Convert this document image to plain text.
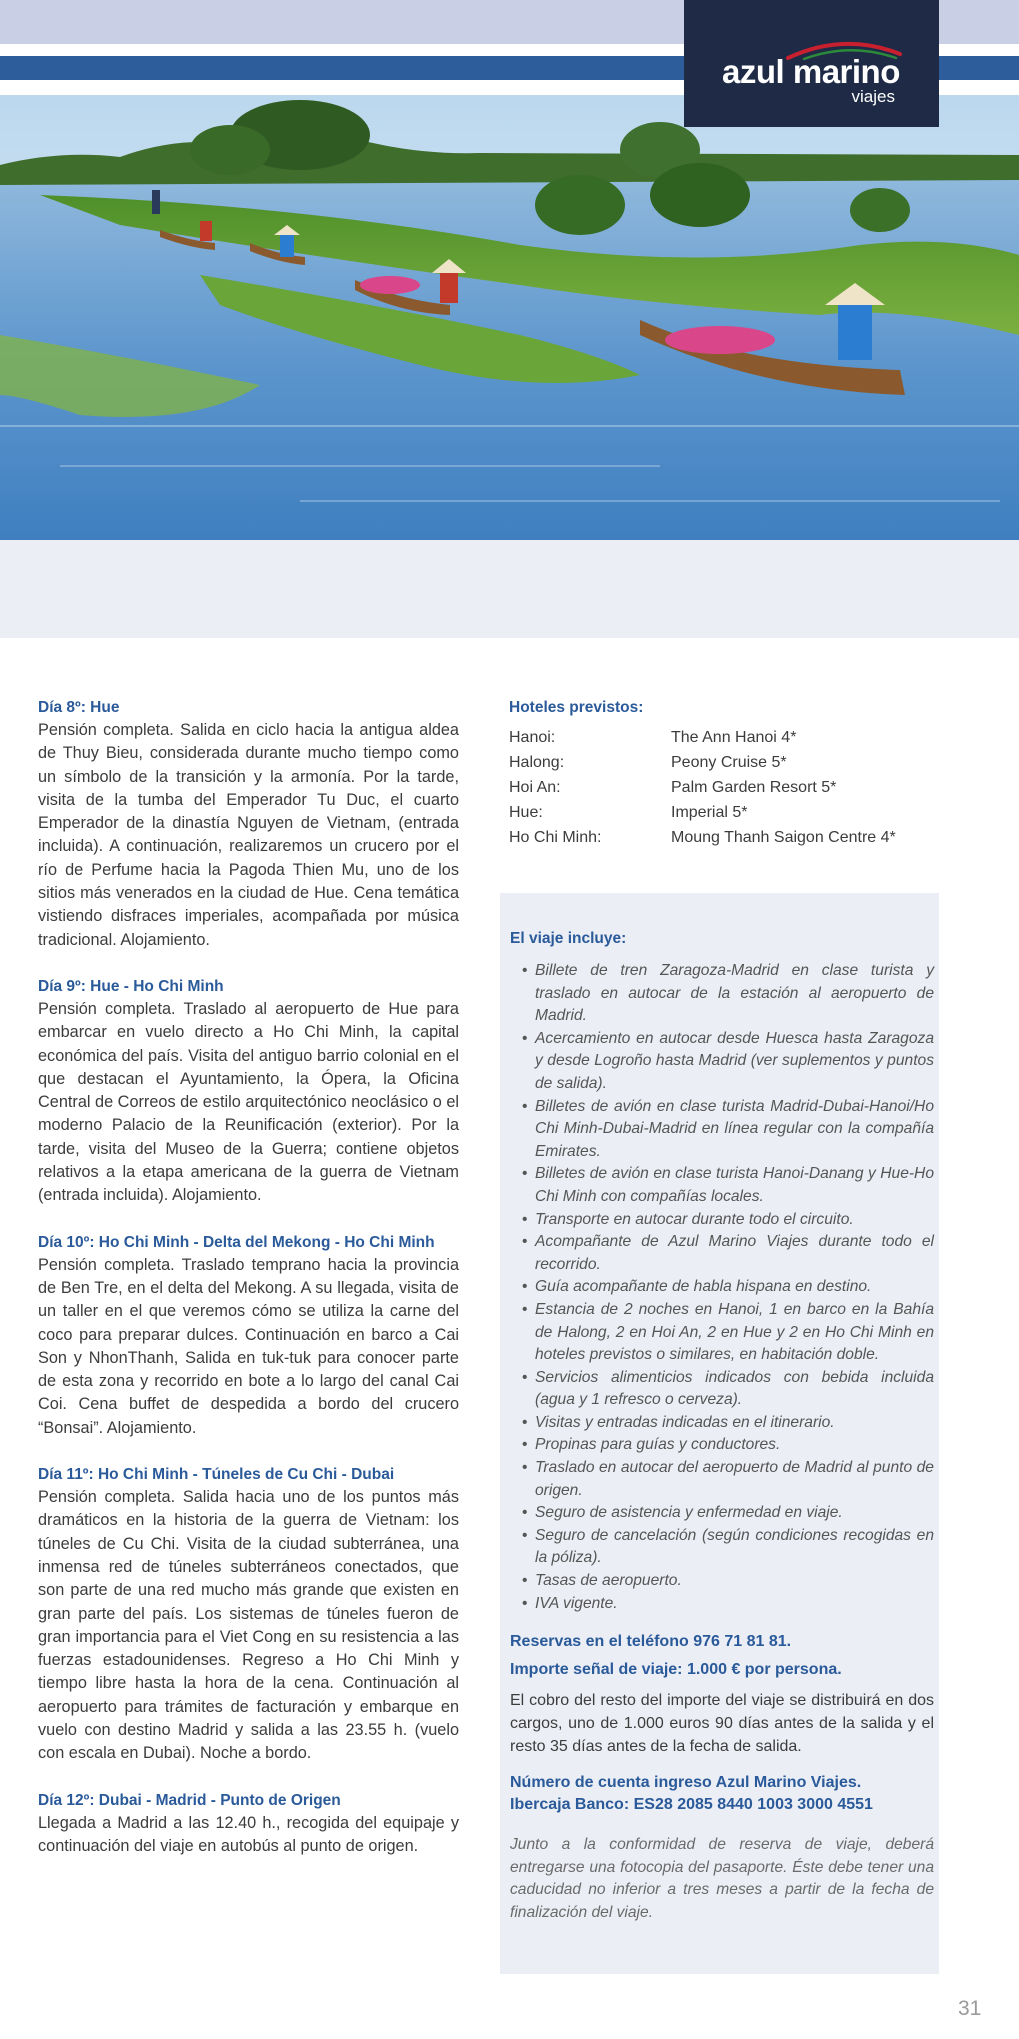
azul marino
viajes
Día 8º: Hue

Pensión completa. Salida en ciclo hacia la antigua aldea de Thuy Bieu, considerada durante mucho tiempo como un símbolo de la transición y la armonía. Por la tarde, visita de la tumba del Emperador Tu Duc, el cuarto Emperador de la dinastía Nguyen de Vietnam, (entrada incluida). A continuación, realizaremos un crucero por el río de Perfume hacia la Pagoda Thien Mu, uno de los sitios más venerados en la ciudad de Hue. Cena temática vistiendo disfraces imperiales, acompañada por música tradicional. Alojamiento.

Día 9º: Hue - Ho Chi Minh

Pensión completa. Traslado al aeropuerto de Hue para embarcar en vuelo directo a Ho Chi Minh, la capital económica del país. Visita del antiguo barrio colonial en el que destacan el Ayuntamiento, la Ópera, la Oficina Central de Correos de estilo arquitectónico neoclásico o el moderno Palacio de la Reunificación (exterior). Por la tarde, visita del Museo de la Guerra; contiene objetos relativos a la etapa americana de la guerra de Vietnam (entrada incluida). Alojamiento.

Día 10º: Ho Chi Minh - Delta del Mekong - Ho Chi Minh

Pensión completa. Traslado temprano hacia la provincia de Ben Tre, en el delta del Mekong. A su llegada, visita de un taller en el que veremos cómo se utiliza la carne del coco para preparar dulces. Continuación en barco a Cai Son y NhonThanh, Salida en tuk-tuk para conocer parte de esta zona y recorrido en bote a lo largo del canal Cai Coi. Cena buffet de despedida a bordo del crucero “Bonsai”. Alojamiento.

Día 11º: Ho Chi Minh - Túneles de Cu Chi - Dubai

Pensión completa. Salida hacia uno de los puntos más dramáticos en la historia de la guerra de Vietnam: los túneles de Cu Chi. Visita de la ciudad subterránea, una inmensa red de túneles subterráneos conectados, que son parte de una red mucho más grande que existen en gran parte del país. Los sistemas de túneles fueron de gran importancia para el Viet Cong en su resistencia a las fuerzas estadounidenses. Regreso a Ho Chi Minh y tiempo libre hasta la hora de la cena. Continuación al aeropuerto para trámites de facturación y embarque en vuelo con destino Madrid y salida a las 23.55 h. (vuelo con escala en Dubai). Noche a bordo.

Día 12º: Dubai - Madrid - Punto de Origen

Llegada a Madrid a las 12.40 h., recogida del equipaje y continuación del viaje en autobús al punto de origen.

Hoteles previstos:
Hanoi:	The Ann Hanoi 4*
Halong:	Peony Cruise 5*
Hoi An:	Palm Garden Resort 5*
Hue:	Imperial 5*
Ho Chi Minh:	Moung Thanh Saigon Centre 4*
El viaje incluye:
• Billete de tren Zaragoza-Madrid en clase turista y traslado en autocar de la estación al aeropuerto de Madrid.
• Acercamiento en autocar desde Huesca hasta Zaragoza y desde Logroño hasta Madrid (ver suplementos y puntos de salida).
• Billetes de avión en clase turista Madrid-Dubai-Hanoi/Ho Chi Minh-Dubai-Madrid en línea regular con la compañía Emirates.
• Billetes de avión en clase turista Hanoi-Danang y Hue-Ho Chi Minh con compañías locales.
• Transporte en autocar durante todo el circuito.
• Acompañante de Azul Marino Viajes durante todo el recorrido.
• Guía acompañante de habla hispana en destino.
• Estancia de 2 noches en Hanoi, 1 en barco en la Bahía de Halong, 2 en Hoi An, 2 en Hue y 2 en Ho Chi Minh en hoteles previstos o similares, en habitación doble.
• Servicios alimenticios indicados con bebida incluida (agua y 1 refresco o cerveza).
• Visitas y entradas indicadas en el itinerario.
• Propinas para guías y conductores.
• Traslado en autocar del aeropuerto de Madrid al punto de origen.
• Seguro de asistencia y enfermedad en viaje.
• Seguro de cancelación (según condiciones recogidas en la póliza).
• Tasas de aeropuerto.
• IVA vigente.

Reservas en el teléfono 976 71 81 81.

Importe señal de viaje: 1.000 € por persona.

El cobro del resto del importe del viaje se distribuirá en dos cargos, uno de 1.000 euros 90 días antes de la salida y el resto 35 días antes de la fecha de salida.

Número de cuenta ingreso Azul Marino Viajes.

Ibercaja Banco: ES28 2085 8440 1003 3000 4551

Junto a la conformidad de reserva de viaje, deberá entregarse una fotocopia del pasaporte. Éste debe tener una caducidad no inferior a tres meses a partir de la fecha de finalización del viaje.

31
